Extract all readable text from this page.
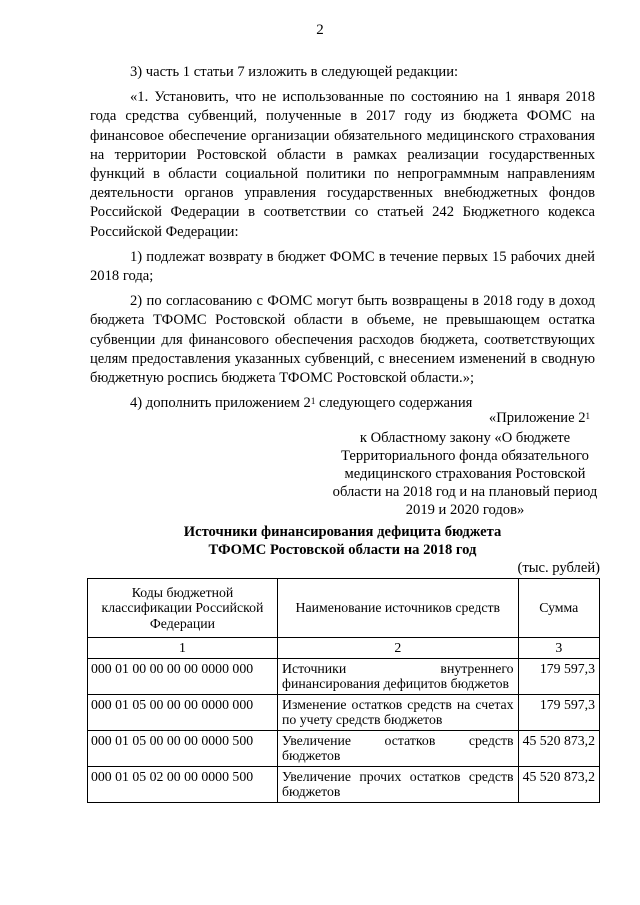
2

3) часть 1 статьи 7 изложить в следующей редакции:

«1. Установить, что не использованные по состоянию на 1 января 2018 года средства субвенций, полученные в 2017 году из бюджета ФОМС на финансовое обеспечение организации обязательного медицинского страхования на территории Ростовской области в рамках реализации государственных функций в области социальной политики по непрограммным направлениям деятельности органов управления государственных внебюджетных фондов Российской Федерации в соответствии со статьей 242 Бюджетного кодекса Российской Федерации:

1) подлежат возврату в бюджет ФОМС в течение первых 15 рабочих дней 2018 года;

2) по согласованию с ФОМС могут быть возвращены в 2018 году в доход бюджета ТФОМС Ростовской области в объеме, не превышающем остатка субвенции для финансового обеспечения расходов бюджета, соответствующих целям предоставления указанных субвенций, с внесением изменений в сводную бюджетную роспись бюджета ТФОМС Ростовской области.»;

4) дополнить приложением $2^1$ следующего содержания

«Приложение $2^1$
к Областному закону «О бюджете Территориального фонда обязательного медицинского страхования Ростовской области на 2018 год и на плановый период 2019 и 2020 годов»
Источники финансирования дефицита бюджета
ТФОМС Ростовской области на 2018 год
(тыс. рублей)
Коды бюджетной классификации Российской Федерации	Наименование источников средств	Сумма
1	2	3
000 01 00 00 00 00 0000 000	Источники внутреннего финансирования дефицитов бюджетов	179 597,3
000 01 05 00 00 00 0000 000	Изменение остатков средств на счетах по учету средств бюджетов	179 597,3
000 01 05 00 00 00 0000 500	Увеличение остатков средств бюджетов	45 520 873,2
000 01 05 02 00 00 0000 500	Увеличение прочих остатков средств бюджетов	45 520 873,2
